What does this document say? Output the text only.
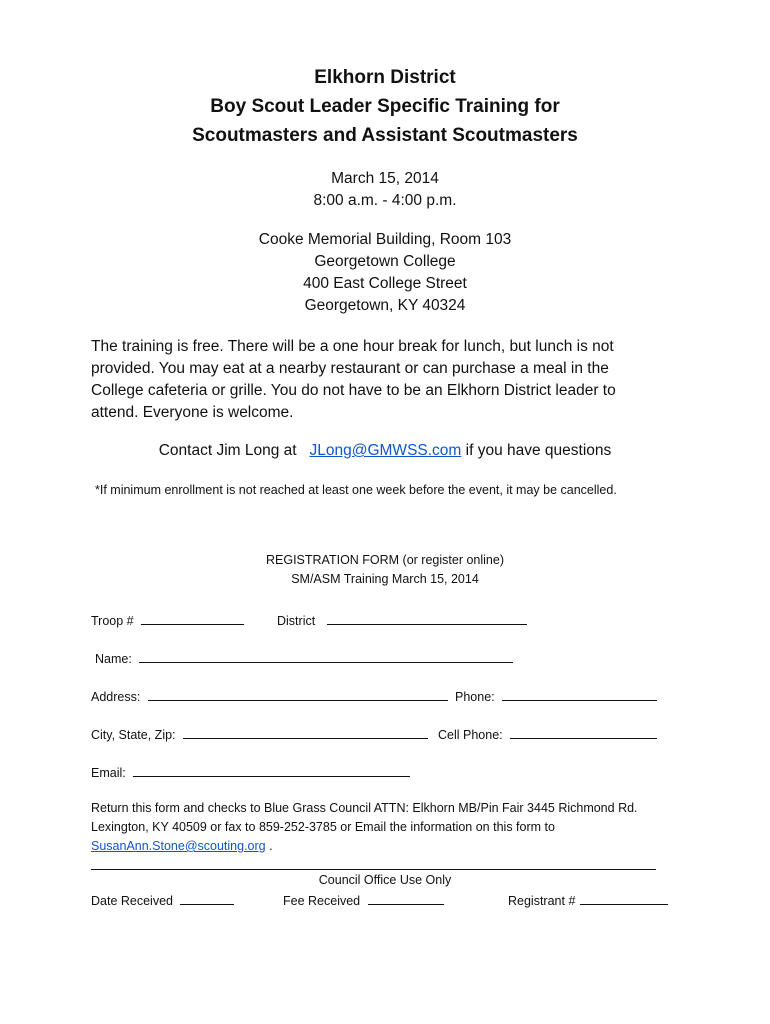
Elkhorn District
Boy Scout Leader Specific Training for
Scoutmasters and Assistant Scoutmasters
March 15, 2014
8:00 a.m. - 4:00 p.m.
Cooke Memorial Building, Room 103
Georgetown College
400 East College Street
Georgetown, KY 40324

The training is free. There will be a one hour break for lunch, but lunch is not provided. You may eat at a nearby restaurant or can purchase a meal in the College cafeteria or grille. You do not have to be an Elkhorn District leader to attend. Everyone is welcome.

Contact Jim Long at JLong@GMWSS.com if you have questions

*If minimum enrollment is not reached at least one week before the event, it may be cancelled.

REGISTRATION FORM (or register online)
SM/ASM Training March 15, 2014
Troop #	District
Name:
Address:	Phone:
City, State, Zip:	Cell Phone:
Email:

Return this form and checks to Blue Grass Council ATTN: Elkhorn MB/Pin Fair 3445 Richmond Rd. Lexington, KY 40509 or fax to 859-252-3785 or Email the information on this form to SusanAnn.Stone@scouting.org .

Council Office Use Only
Date Received	Fee Received	Registrant #
